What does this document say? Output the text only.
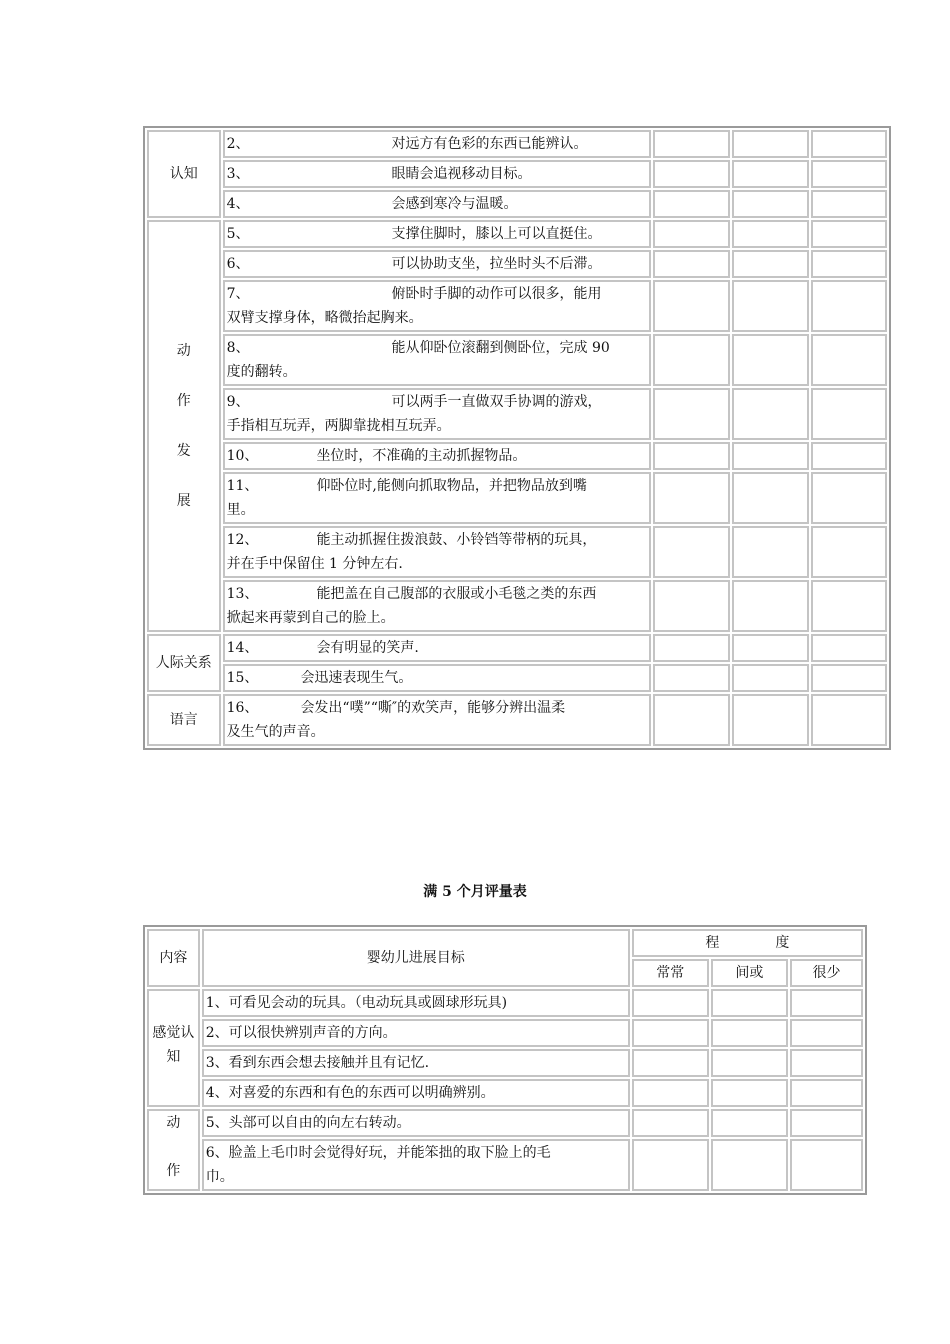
认知	2、 对远方有色彩的东西已能辨认。			
	3、 眼睛会追视移动目标。			
	4、 会感到寒冷与温暖。			

动
作
发
展	5、 支撑住脚时，膝以上可以直挺住。			
	6、 可以协助支坐，拉坐时头不后滞。			
	7、 俯卧时手脚的动作可以很多，能用
双臂支撑身体，略微抬起胸来。			
	8、 能从仰卧位滚翻到侧卧位，完成 90
度的翻转。			
	9、 可以两手一直做双手协调的游戏，
手指相互玩弄，两脚靠拢相互玩弄。			
	10、 坐位时，不准确的主动抓握物品。			
	11、 仰卧位时,能侧向抓取物品，并把物品放到嘴
里。			
	12、 能主动抓握住拨浪鼓、小铃铛等带柄的玩具，
并在手中保留住 1 分钟左右.			
	13、 能把盖在自己腹部的衣服或小毛毯之类的东西
掀起来再蒙到自己的脸上。			
人际关系	14、 会有明显的笑声.			
	15、 会迅速表现生气。			
语言	16、 会发出“噗”“嘶″的欢笑声，能够分辨出温柔
及生气的声音。			
满 5 个月评量表
内容	婴幼儿进展目标	程 度		
		常常	间或	很少
感觉认
知	1、可看见会动的玩具。（电动玩具或圆球形玩具)			
	2、可以很快辨别声音的方向。			
	3、看到东西会想去接触并且有记忆.			
	4、对喜爱的东西和有色的东西可以明确辨别。			
动

作	5、头部可以自由的向左右转动。			
	6、脸盖上毛巾时会觉得好玩，并能笨拙的取下脸上的毛
巾。			
